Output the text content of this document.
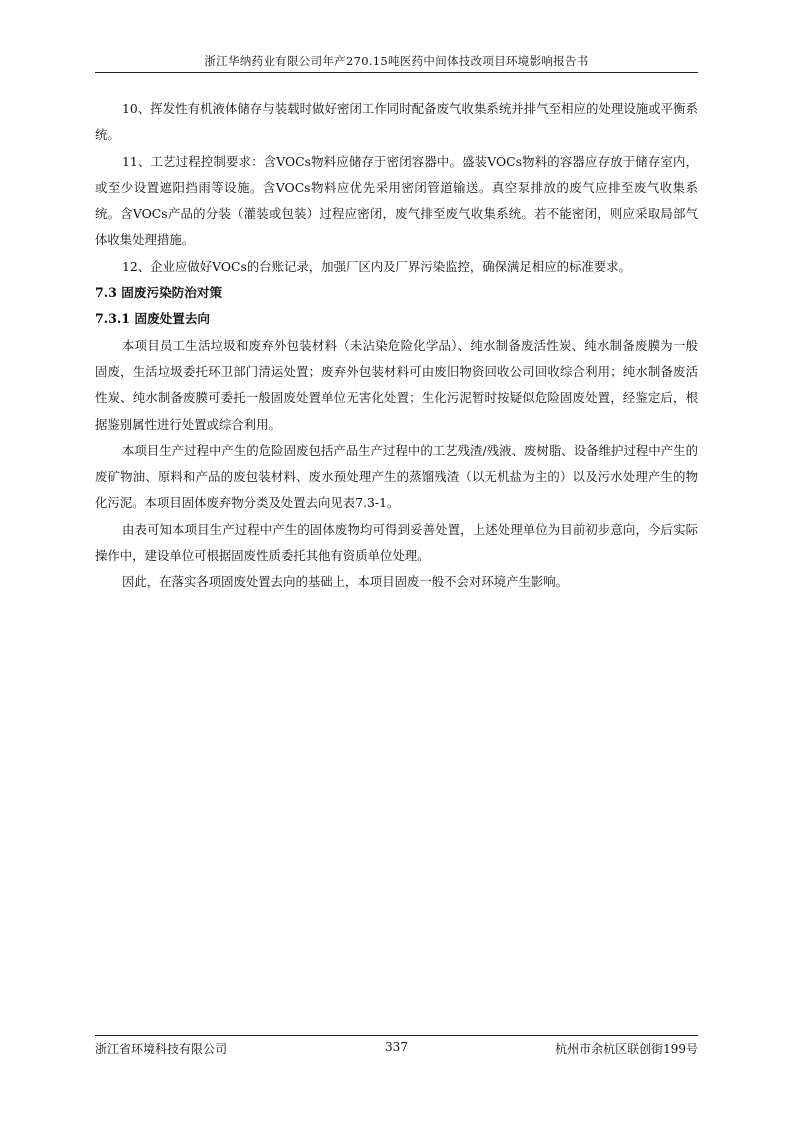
浙江华纳药业有限公司年产270.15吨医药中间体技改项目环境影响报告书

10、挥发性有机液体储存与装载时做好密闭工作同时配备废气收集系统并排气至相应的处理设施或平衡系统。

11、工艺过程控制要求：含VOCs物料应储存于密闭容器中。盛装VOCs物料的容器应存放于储存室内，或至少设置遮阳挡雨等设施。含VOCs物料应优先采用密闭管道输送。真空泵排放的废气应排至废气收集系统。含VOCs产品的分装（灌装或包装）过程应密闭，废气排至废气收集系统。若不能密闭，则应采取局部气体收集处理措施。

12、企业应做好VOCs的台账记录，加强厂区内及厂界污染监控，确保满足相应的标准要求。

7.3 固废污染防治对策

7.3.1 固废处置去向

本项目员工生活垃圾和废弃外包装材料（未沾染危险化学品）、纯水制备废活性炭、纯水制备废膜为一般固废，生活垃圾委托环卫部门清运处置；废弃外包装材料可由废旧物资回收公司回收综合利用；纯水制备废活性炭、纯水制备废膜可委托一般固废处置单位无害化处置；生化污泥暂时按疑似危险固废处置，经鉴定后，根据鉴别属性进行处置或综合利用。

本项目生产过程中产生的危险固废包括产品生产过程中的工艺残渣/残液、废树脂、设备维护过程中产生的废矿物油、原料和产品的废包装材料、废水预处理产生的蒸馏残渣（以无机盐为主的）以及污水处理产生的物化污泥。本项目固体废弃物分类及处置去向见表7.3-1。

由表可知本项目生产过程中产生的固体废物均可得到妥善处置，上述处理单位为目前初步意向，今后实际操作中，建设单位可根据固废性质委托其他有资质单位处理。

因此，在落实各项固废处置去向的基础上，本项目固废一般不会对环境产生影响。

浙江省环境科技有限公司	337	杭州市余杭区联创街199号
